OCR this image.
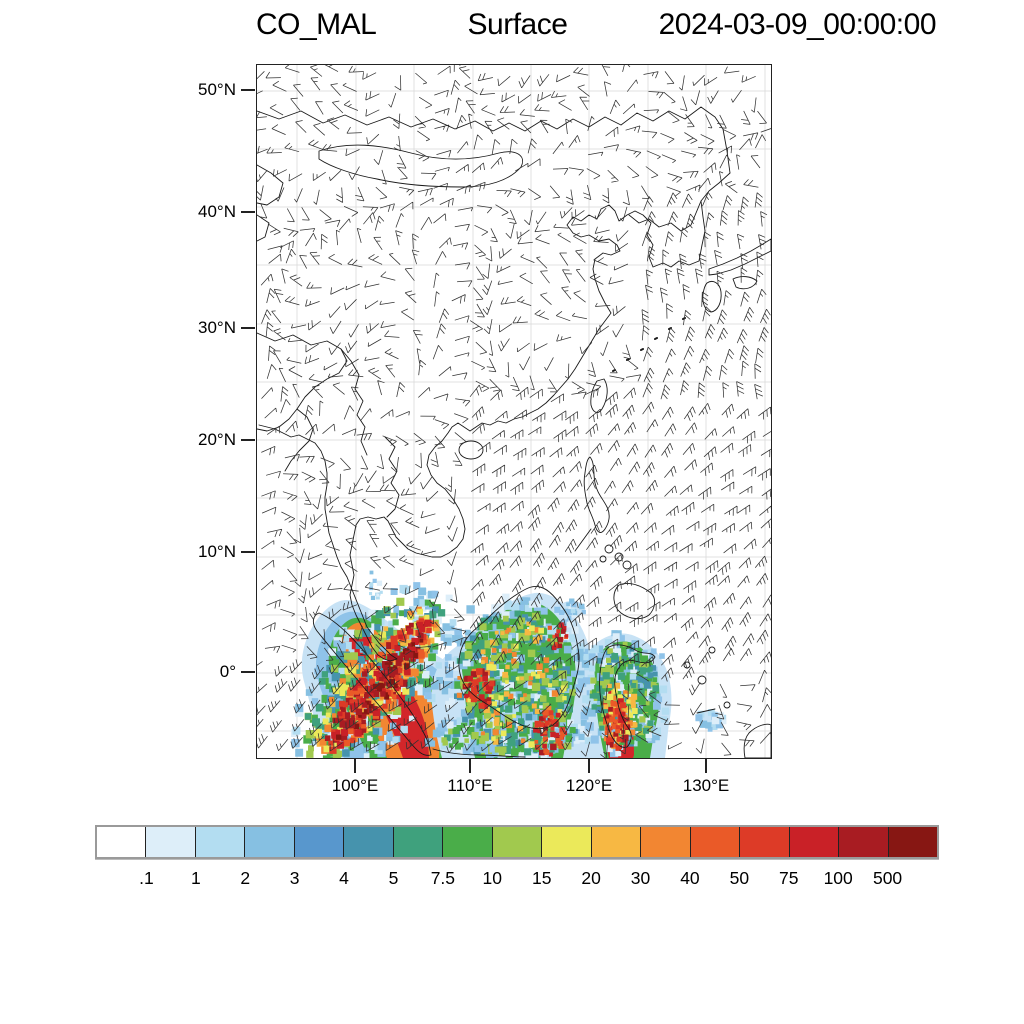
CO_MAL	Surface	2024-03-09_00:00:00
50°N
40°N
30°N
20°N
10°N
0°
100°E	110°E	120°E	130°E
.1	1	2	3	4	5	7.5	10	15	20	30	40	50	75	100	500
